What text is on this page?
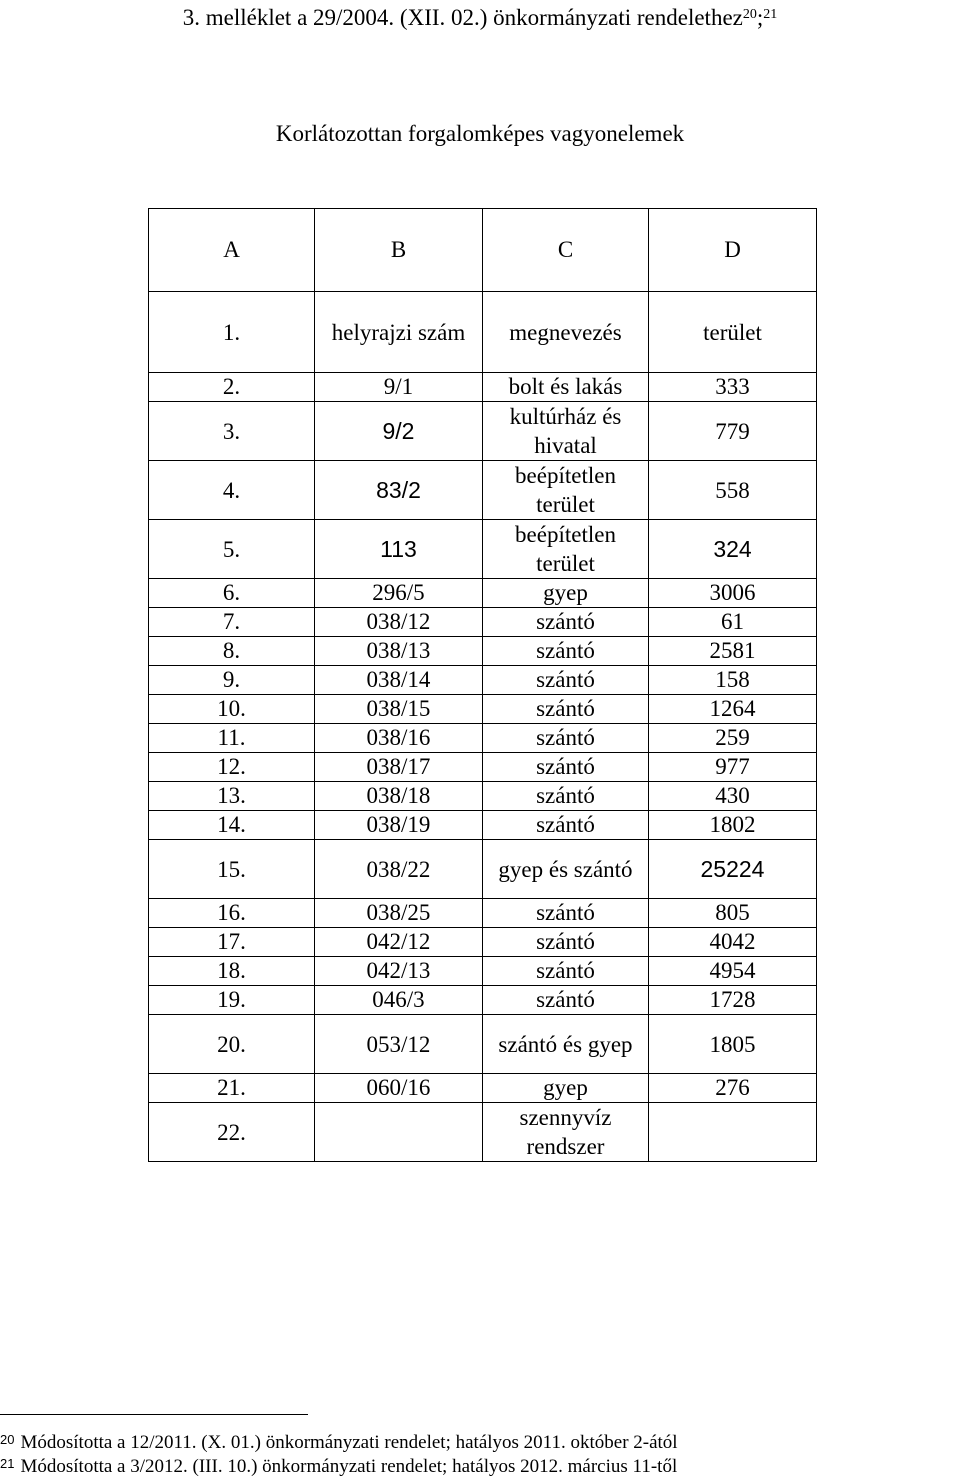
3. melléklet a 29/2004. (XII. 02.) önkormányzati rendelethez$^{20}$;$^{21}$
Korlátozottan forgalomképes vagyonelemek
A	B	C	D
1.	helyrajzi szám	megnevezés	terület
2.	9/1	bolt és lakás	333
3.	9/2	kultúrház és hivatal	779
4.	83/2	beépítetlen terület	558
5.	113	beépítetlen terület	324
6.	296/5	gyep	3006
7.	038/12	szántó	61
8.	038/13	szántó	2581
9.	038/14	szántó	158
10.	038/15	szántó	1264
11.	038/16	szántó	259
12.	038/17	szántó	977
13.	038/18	szántó	430
14.	038/19	szántó	1802
15.	038/22	gyep és szántó	25224
16.	038/25	szántó	805
17.	042/12	szántó	4042
18.	042/13	szántó	4954
19.	046/3	szántó	1728
20.	053/12	szántó és gyep	1805
21.	060/16	gyep	276
22.		szennyvíz rendszer	
$^{20}$ Módosította a 12/2011. (X. 01.) önkormányzati rendelet; hatályos 2011. október 2-ától
$^{21}$ Módosította a 3/2012. (III. 10.) önkormányzati rendelet; hatályos 2012. március 11-től
